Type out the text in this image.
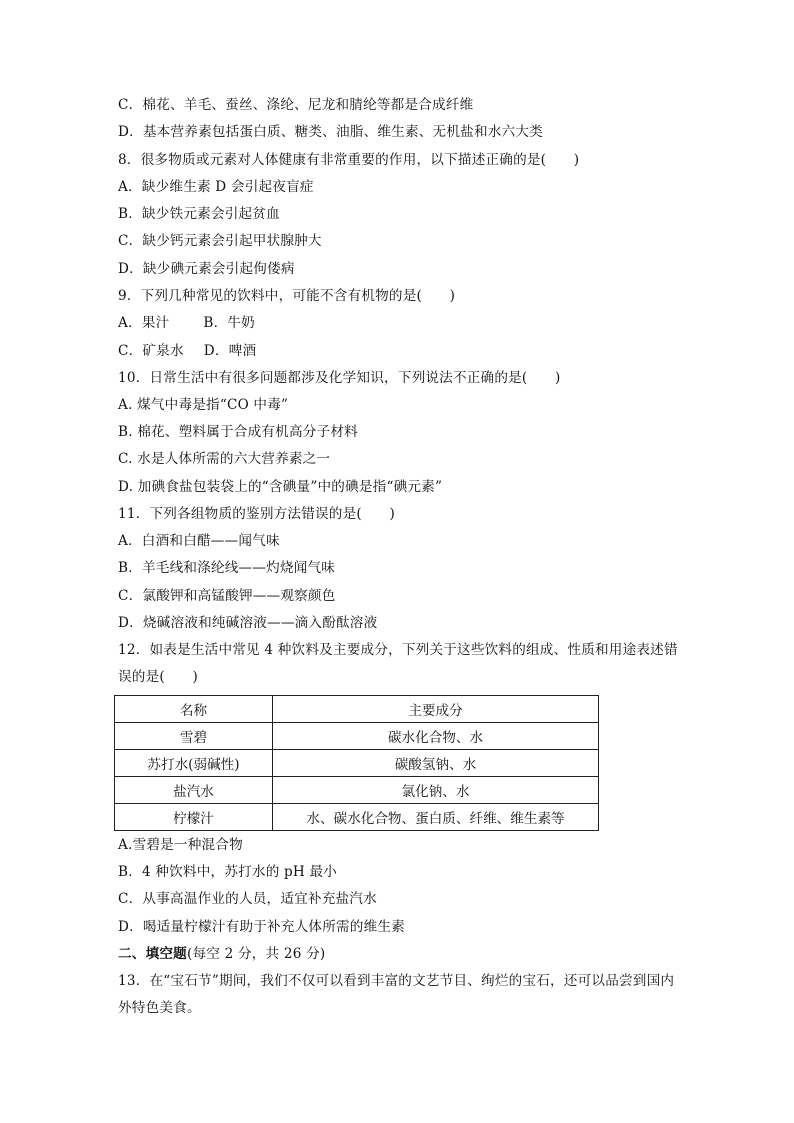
C．棉花、羊毛、蚕丝、涤纶、尼龙和腈纶等都是合成纤维
D．基本营养素包括蛋白质、糖类、油脂、维生素、无机盐和水六大类
8．很多物质或元素对人体健康有非常重要的作用，以下描述正确的是(　　)
A．缺少维生素 D 会引起夜盲症
B．缺少铁元素会引起贫血
C．缺少钙元素会引起甲状腺肿大
D．缺少碘元素会引起佝偻病
9．下列几种常见的饮料中，可能不含有机物的是(　　)
A．果汁	B．牛奶
C．矿泉水 D．啤酒
10．日常生活中有很多问题都涉及化学知识，下列说法不正确的是(　　)
A. 煤气中毒是指“CO 中毒”
B. 棉花、塑料属于合成有机高分子材料
C. 水是人体所需的六大营养素之一
D. 加碘食盐包装袋上的“含碘量”中的碘是指“碘元素”
11．下列各组物质的鉴别方法错误的是(　　)
A．白酒和白醋——闻气味
B．羊毛线和涤纶线——灼烧闻气味
C．氯酸钾和高锰酸钾——观察颜色
D．烧碱溶液和纯碱溶液——滴入酚酞溶液
12．如表是生活中常见 4 种饮料及主要成分，下列关于这些饮料的组成、性质和用途表述错
误的是(　　)
名称	主要成分
雪碧	碳水化合物、水
苏打水(弱碱性)	碳酸氢钠、水
盐汽水	氯化钠、水
柠檬汁	水、碳水化合物、蛋白质、纤维、维生素等
A.雪碧是一种混合物
B．4 种饮料中，苏打水的 pH 最小
C．从事高温作业的人员，适宜补充盐汽水
D．喝适量柠檬汁有助于补充人体所需的维生素
二、填空题(每空 2 分，共 26 分)
13．在“宝石节”期间，我们不仅可以看到丰富的文艺节目、绚烂的宝石，还可以品尝到国内
外特色美食。
